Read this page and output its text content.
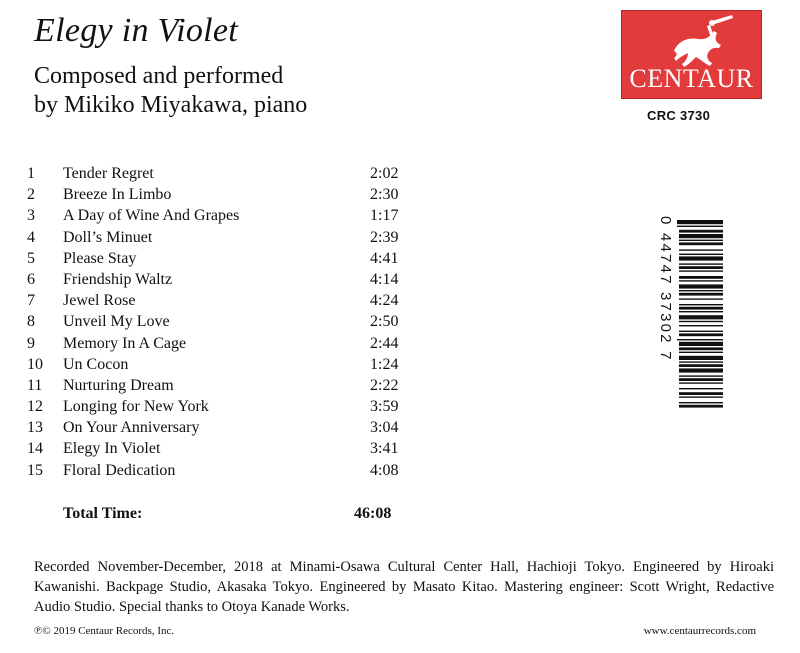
Elegy in Violet
Composed and performed
by Mikiko Miyakawa, piano
CENTAUR
CRC 3730
1 Tender Regret	2:02
2 Breeze In Limbo	2:30
3 A Day of Wine And Grapes	1:17
4 Doll’s Minuet	2:39
5 Please Stay	4:41
6 Friendship Waltz	4:14
7 Jewel Rose	4:24
8 Unveil My Love	2:50
9 Memory In A Cage	2:44
10 Un Cocon	1:24
11 Nurturing Dream	2:22
12 Longing for New York	3:59
13 On Your Anniversary	3:04
14 Elegy In Violet	3:41
15 Floral Dedication	4:08
Total Time:	46:08
0 44747 37302 7
Recorded November-December, 2018 at Minami-Osawa Cultural Center Hall, Hachioji Tokyo. Engineered by Hiroaki Kawanishi. Backpage Studio, Akasaka Tokyo. Engineered by Masato Kitao. Mastering engineer: Scott Wright, Redactive Audio Studio. Special thanks to Otoya Kanade Works.
℗© 2019 Centaur Records, Inc.	www.centaurrecords.com
